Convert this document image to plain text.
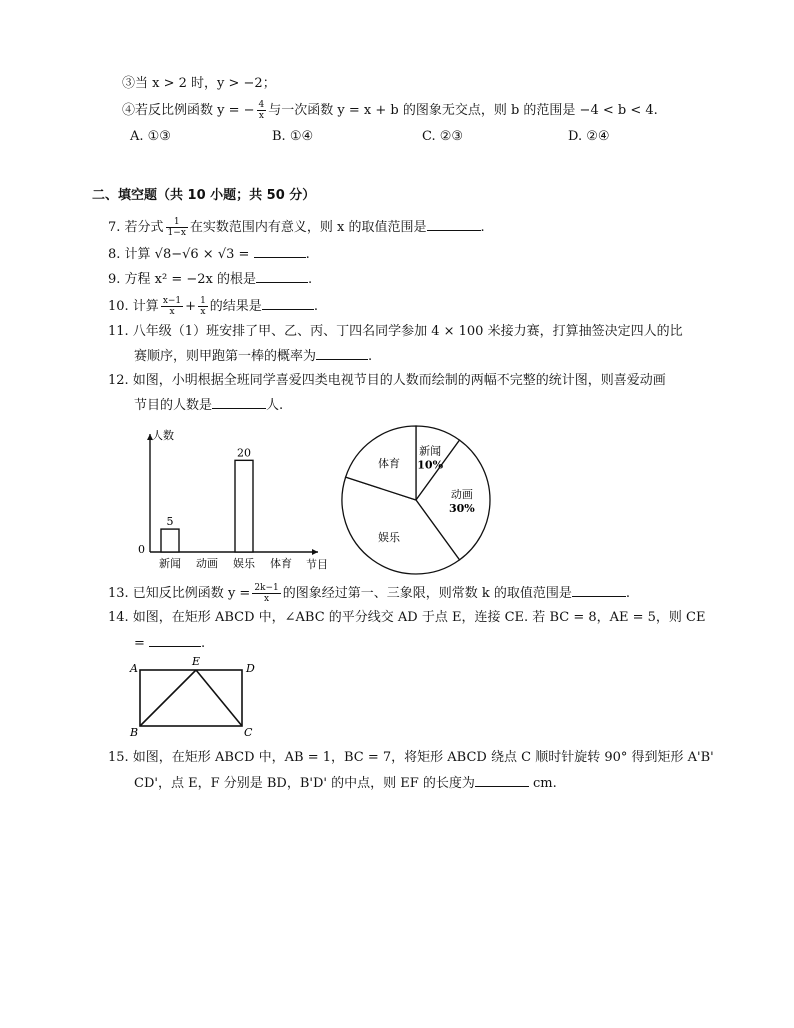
③当 x > 2 时，y > −2；
④若反比例函数 y = − $\frac{4}{x}$ 与一次函数 y = x + b 的图象无交点，则 b 的范围是 −4 < b < 4.
A. ①③	B. ①④	C. ②③	D. ②④
二、填空题（共 10 小题；共 50 分）
7. 若分式 $\frac{1}{1-x}$ 在实数范围内有意义，则 x 的取值范围是	.
8. 计算 √8−√6 × √3 =	.
9. 方程 x² = −2x 的根是	.
10. 计算 $\frac{x-1}{x} + \frac{1}{x}$ 的结果是	.
11. 八年级（1）班安排了甲、乙、丙、丁四名同学参加 4 × 100 米接力赛，打算抽签决定四人的比
赛顺序，则甲跑第一棒的概率为	.
12. 如图，小明根据全班同学喜爱四类电视节目的人数而绘制的两幅不完整的统计图，则喜爱动画
节目的人数是	人.
人数
节目
0
新闻 动画 娱乐 体育
5
20	新闻
10%
动画
30%
娱乐
体育
13. 已知反比例函数 $y = \frac{2k-1}{x}$ 的图象经过第一、三象限，则常数 k 的取值范围是	.
14. 如图，在矩形 ABCD 中，∠ABC 的平分线交 AD 于点 E，连接 CE. 若 BC = 8，AE = 5，则 CE
=	.
A
E
D
B	C
15. 如图，在矩形 ABCD 中，AB = 1，BC = 7，将矩形 ABCD 绕点 C 顺时针旋转 90° 得到矩形 A'B'
CD'，点 E，F 分别是 BD，B'D' 的中点，则 EF 的长度为	cm.
